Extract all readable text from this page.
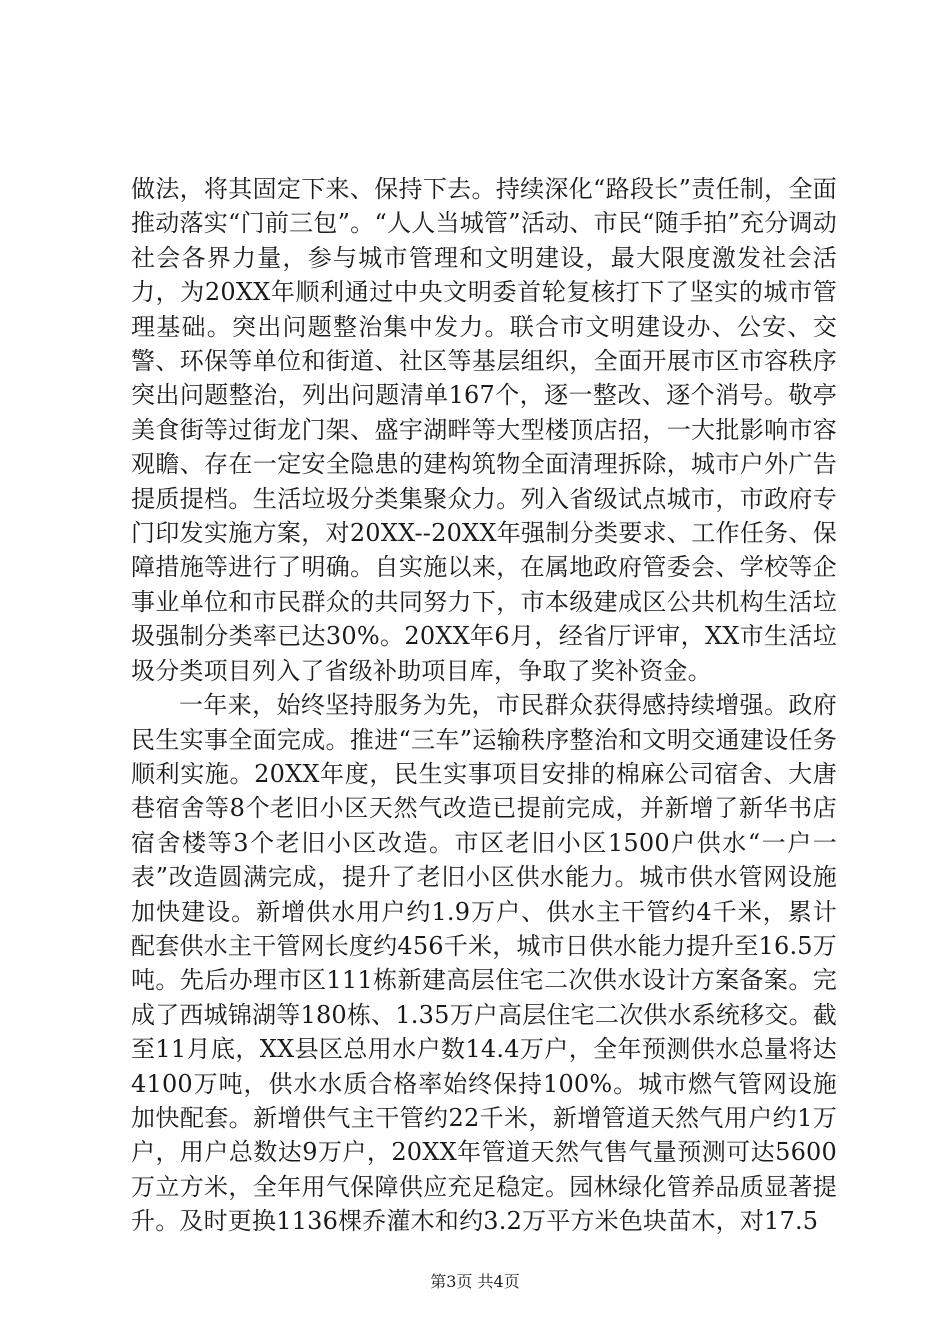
做法，将其固定下来、保持下去。持续深化“路段长”责任制，全面推动落实“门前三包”。“人人当城管”活动、市民“随手拍”充分调动社会各界力量，参与城市管理和文明建设，最大限度激发社会活力，为20XX年顺利通过中央文明委首轮复核打下了坚实的城市管理基础。突出问题整治集中发力。联合市文明建设办、公安、交警、环保等单位和街道、社区等基层组织，全面开展市区市容秩序突出问题整治，列出问题清单167个，逐一整改、逐个消号。敬亭美食街等过街龙门架、盛宇湖畔等大型楼顶店招，一大批影响市容观瞻、存在一定安全隐患的建构筑物全面清理拆除，城市户外广告提质提档。生活垃圾分类集聚众力。列入省级试点城市，市政府专门印发实施方案，对20XX--20XX年强制分类要求、工作任务、保障措施等进行了明确。自实施以来，在属地政府管委会、学校等企事业单位和市民群众的共同努力下，市本级建成区公共机构生活垃圾强制分类率已达30%。20XX年6月，经省厅评审，XX市生活垃圾分类项目列入了省级补助项目库，争取了奖补资金。

一年来，始终坚持服务为先，市民群众获得感持续增强。政府民生实事全面完成。推进“三车”运输秩序整治和文明交通建设任务顺利实施。20XX年度，民生实事项目安排的棉麻公司宿舍、大唐巷宿舍等8个老旧小区天然气改造已提前完成，并新增了新华书店宿舍楼等3个老旧小区改造。市区老旧小区1500户供水“一户一表”改造圆满完成，提升了老旧小区供水能力。城市供水管网设施加快建设。新增供水用户约1.9万户、供水主干管约4千米，累计配套供水主干管网长度约456千米，城市日供水能力提升至16.5万吨。先后办理市区111栋新建高层住宅二次供水设计方案备案。完成了西城锦湖等180栋、1.35万户高层住宅二次供水系统移交。截至11月底，XX县区总用水户数14.4万户，全年预测供水总量将达4100万吨，供水水质合格率始终保持100%。城市燃气管网设施加快配套。新增供气主干管约22千米，新增管道天然气用户约1万户，用户总数达9万户，20XX年管道天然气售气量预测可达5600万立方米，全年用气保障供应充足稳定。园林绿化管养品质显著提升。及时更换1136棵乔灌木和约3.2万平方米色块苗木，对17.5

第3页 共4页
